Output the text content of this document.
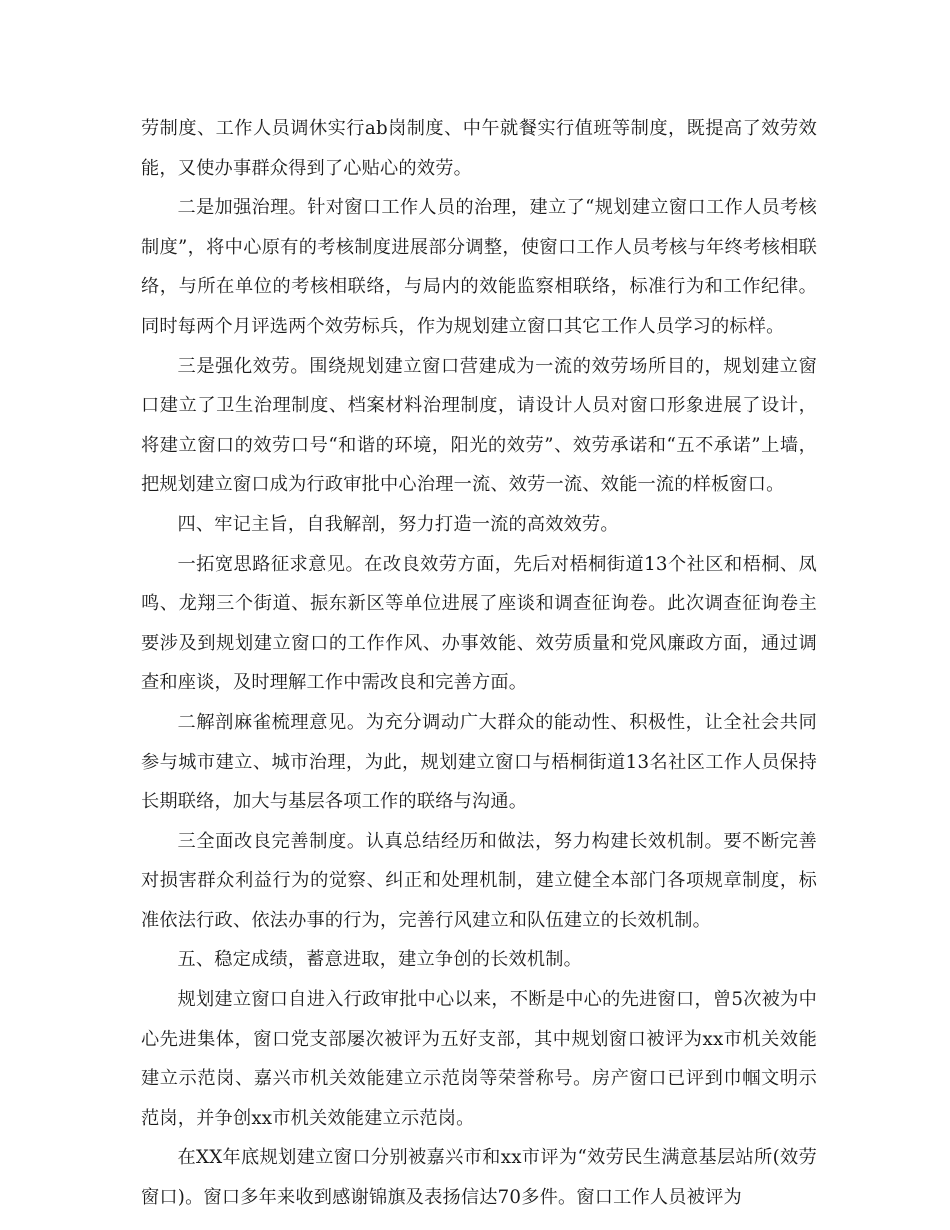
劳制度、工作人员调休实行ab岗制度、中午就餐实行值班等制度，既提高了效劳效能，又使办事群众得到了心贴心的效劳。

二是加强治理。针对窗口工作人员的治理，建立了“规划建立窗口工作人员考核制度”，将中心原有的考核制度进展部分调整，使窗口工作人员考核与年终考核相联络，与所在单位的考核相联络，与局内的效能监察相联络，标准行为和工作纪律。同时每两个月评选两个效劳标兵，作为规划建立窗口其它工作人员学习的标样。

三是强化效劳。围绕规划建立窗口营建成为一流的效劳场所目的，规划建立窗口建立了卫生治理制度、档案材料治理制度，请设计人员对窗口形象进展了设计，将建立窗口的效劳口号“和谐的环境，阳光的效劳”、效劳承诺和“五不承诺”上墙，把规划建立窗口成为行政审批中心治理一流、效劳一流、效能一流的样板窗口。

四、牢记主旨，自我解剖，努力打造一流的高效效劳。

一拓宽思路征求意见。在改良效劳方面，先后对梧桐街道13个社区和梧桐、凤鸣、龙翔三个街道、振东新区等单位进展了座谈和调查征询卷。此次调查征询卷主要涉及到规划建立窗口的工作作风、办事效能、效劳质量和党风廉政方面，通过调查和座谈，及时理解工作中需改良和完善方面。

二解剖麻雀梳理意见。为充分调动广大群众的能动性、积极性，让全社会共同参与城市建立、城市治理，为此，规划建立窗口与梧桐街道13名社区工作人员保持长期联络，加大与基层各项工作的联络与沟通。

三全面改良完善制度。认真总结经历和做法，努力构建长效机制。要不断完善对损害群众利益行为的觉察、纠正和处理机制，建立健全本部门各项规章制度，标准依法行政、依法办事的行为，完善行风建立和队伍建立的长效机制。

五、稳定成绩，蓄意进取，建立争创的长效机制。

规划建立窗口自进入行政审批中心以来，不断是中心的先进窗口，曾5次被为中心先进集体，窗口党支部屡次被评为五好支部，其中规划窗口被评为xx市机关效能建立示范岗、嘉兴市机关效能建立示范岗等荣誉称号。房产窗口已评到巾帼文明示范岗，并争创xx市机关效能建立示范岗。

在XX年底规划建立窗口分别被嘉兴市和xx市评为“效劳民生满意基层站所(效劳窗口)。窗口多年来收到感谢锦旗及表扬信达70多件。窗口工作人员被评为
